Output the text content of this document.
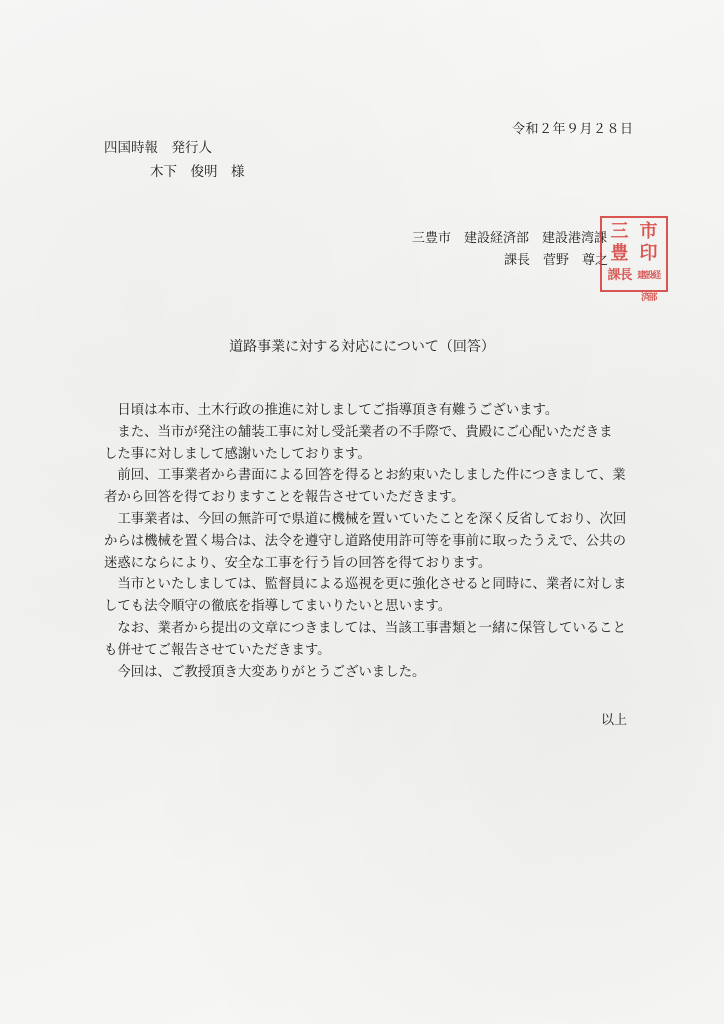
令和２年９月２８日
四国時報　発行人
木下　俊明　様
三豊市　建設経済部　建設港湾課
課長　菅野　尊之
三 市
豊 印
課長 建設経済部
道路事業に対する対応にについて（回答）

日頃は本市、土木行政の推進に対しましてご指導頂き有難うございます。

また、当市が発注の舗装工事に対し受託業者の不手際で、貴殿にご心配いただきま
した事に対しまして感謝いたしております。

前回、工事業者から書面による回答を得るとお約束いたしました件につきまして、業
者から回答を得ておりますことを報告させていただきます。

工事業者は、今回の無許可で県道に機械を置いていたことを深く反省しており、次回
からは機械を置く場合は、法令を遵守し道路使用許可等を事前に取ったうえで、公共の
迷惑にならにより、安全な工事を行う旨の回答を得ております。

当市といたしましては、監督員による巡視を更に強化させると同時に、業者に対しま
しても法令順守の徹底を指導してまいりたいと思います。

なお、業者から提出の文章につきましては、当該工事書類と一緒に保管していること
も併せてご報告させていただきます。

今回は、ご教授頂き大変ありがとうございました。

以上
